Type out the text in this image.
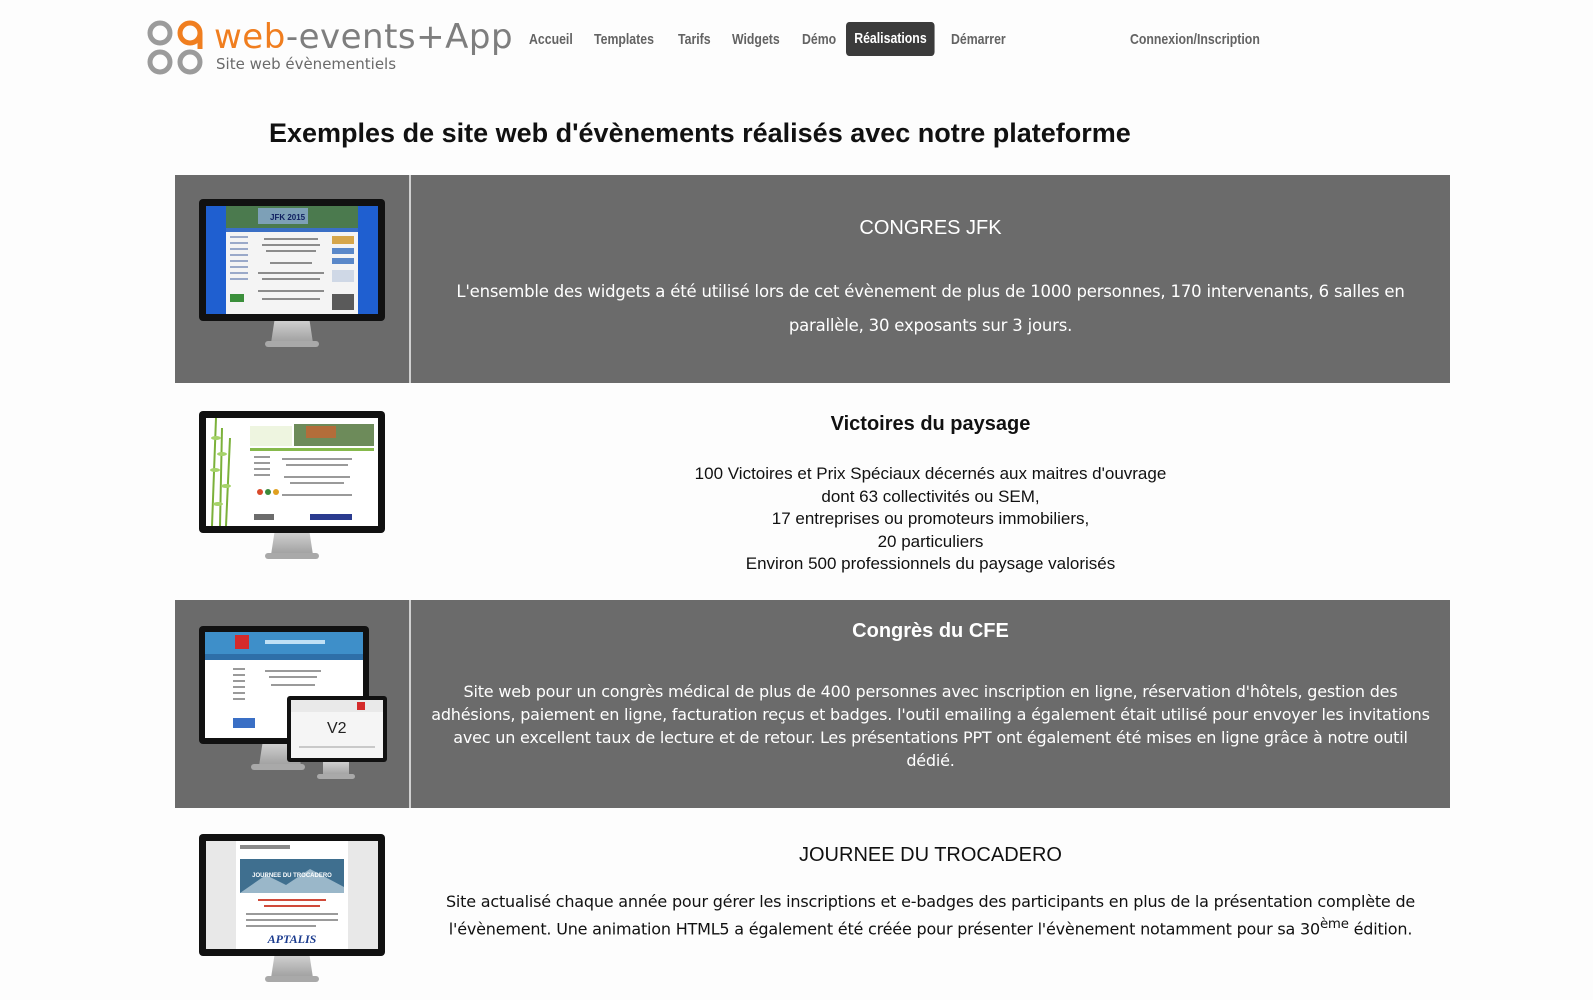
web-events+App
Site web évènementiels
Accueil Templates Tarifs Widgets Démo	Réalisations	Démarrer	Connexion/Inscription
Exemples de site web d'évènements réalisés avec notre plateforme
JFK 2015	CONGRES JFK

L'ensemble des widgets a été utilisé lors de cet évènement de plus de 1000 personnes, 170 intervenants, 6 salles en parallèle, 30 exposants sur 3 jours.

Victoires du paysage
100 Victoires et Prix Spéciaux décernés aux maitres d'ouvrage
dont 63 collectivités ou SEM,
17 entreprises ou promoteurs immobiliers,
20 particuliers
Environ 500 professionnels du paysage valorisés
V2
Congrès du CFE

Site web pour un congrès médical de plus de 400 personnes avec inscription en ligne, réservation d'hôtels, gestion des adhésions, paiement en ligne, facturation reçus et badges. l'outil emailing a également était utilisé pour envoyer les invitations avec un excellent taux de lecture et de retour. Les présentations PPT ont également été mises en ligne grâce à notre outil dédié.

JOURNEE DU TROCADERO
APTALIS
JOURNEE DU TROCADERO

Site actualisé chaque année pour gérer les inscriptions et e-badges des participants en plus de la présentation complète de l'évènement. Une animation HTML5 a également été créée pour présenter l'évènement notamment pour sa 30ème édition.
